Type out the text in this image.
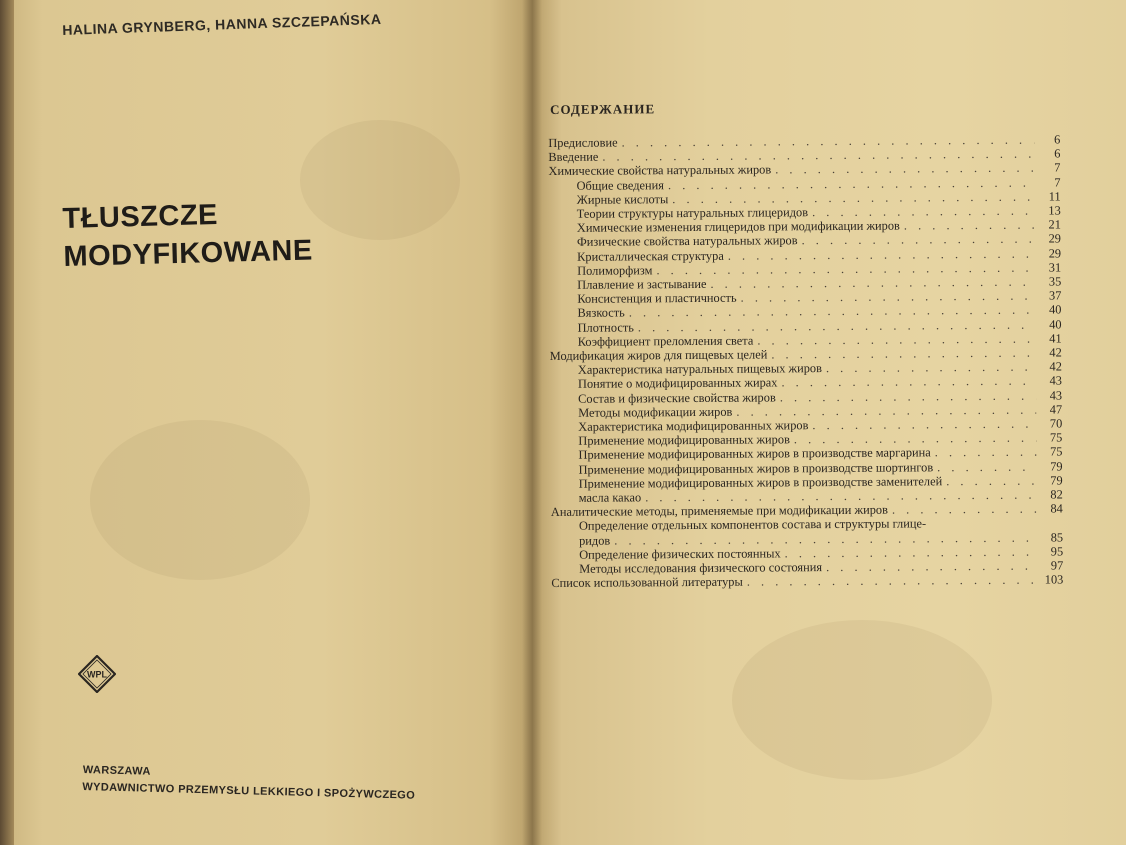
HALINA GRYNBERG, HANNA SZCZEPAŃSKA
TŁUSZCZE
MODYFIKOWANE
WPL
WARSZAWA
WYDAWNICTWO PRZEMYSŁU LEKKIEGO I SPOŻYWCZEGO
СОДЕРЖАНИЕ
Предисловие . . .	6
Введение . . .	6
Химические свойства натуральных жиров . . .	7
Общие сведения . . .	7
Жирные кислоты . . .	11
Теории структуры натуральных глицеридов . . .	13
Химические изменения глицеридов при модификации жиров . . .	21
Физические свойства натуральных жиров . . .	29
Кристаллическая структура . . .	29
Полиморфизм . . .	31
Плавление и застывание . . .	35
Консистенция и пластичность . . .	37
Вязкость . . .	40
Плотность . . .	40
Коэффициент преломления света . . .	41
Модификация жиров для пищевых целей . . .	42
Характеристика натуральных пищевых жиров . . .	42
Понятие о модифицированных жирах . . .	43
Состав и физические свойства жиров . . .	43
Методы модификации жиров . . .	47
Характеристика модифицированных жиров . . .	70
Применение модифицированных жиров . . .	75
Применение модифицированных жиров в производстве маргарина . . .	75
Применение модифицированных жиров в производстве шортингов . . .	79
Применение модифицированных жиров в производстве заменителей . . .	79
масла какао . . .	82
Аналитические методы, применяемые при модификации жиров . . .	84
Определение отдельных компонентов состава и структуры глице-
ридов . . .	85
Определение физических постоянных . . .	95
Методы исследования физического состояния . . .	97
Список использованной литературы . . .	103
